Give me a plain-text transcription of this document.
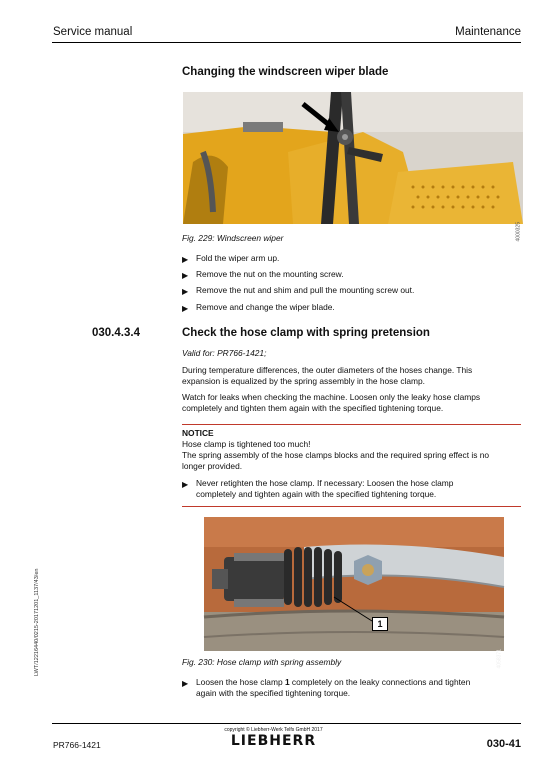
Service manual	Maintenance
Changing the windscreen wiper blade
4000325
Fig. 229: Windscreen wiper
▶ Fold the wiper arm up.
▶ Remove the nut on the mounting screw.
▶ Remove the nut and shim and pull the mounting screw out.
▶ Remove and change the wiper blade.
030.4.3.4	Check the hose clamp with spring pretension
Valid for: PR766-1421;
During temperature differences, the outer diameters of the hoses change. This
expansion is equalized by the spring assembly in the hose clamp.
Watch for leaks when checking the machine. Loosen only the leaky hose clamps
completely and tighten them again with the specified tightening torque.
NOTICE
Hose clamp is tightened too much!
The spring assembly of the hose clamps blocks and the required spring effect is no
longer provided.
▶ Never retighten the hose clamp. If necessary: Loosen the hose clamp
completely and tighten again with the specified tightening torque.
1
4058371
Fig. 230: Hose clamp with spring assembly
▶ Loosen the hose clamp 1 completely on the leaky connections and tighten
again with the specified tightening torque.
LWT/12216440/0215-20171201_1137/43/en
copyright © Liebherr-Werk Telfs GmbH 2017
LIEBHERR
PR766-1421	030-41
